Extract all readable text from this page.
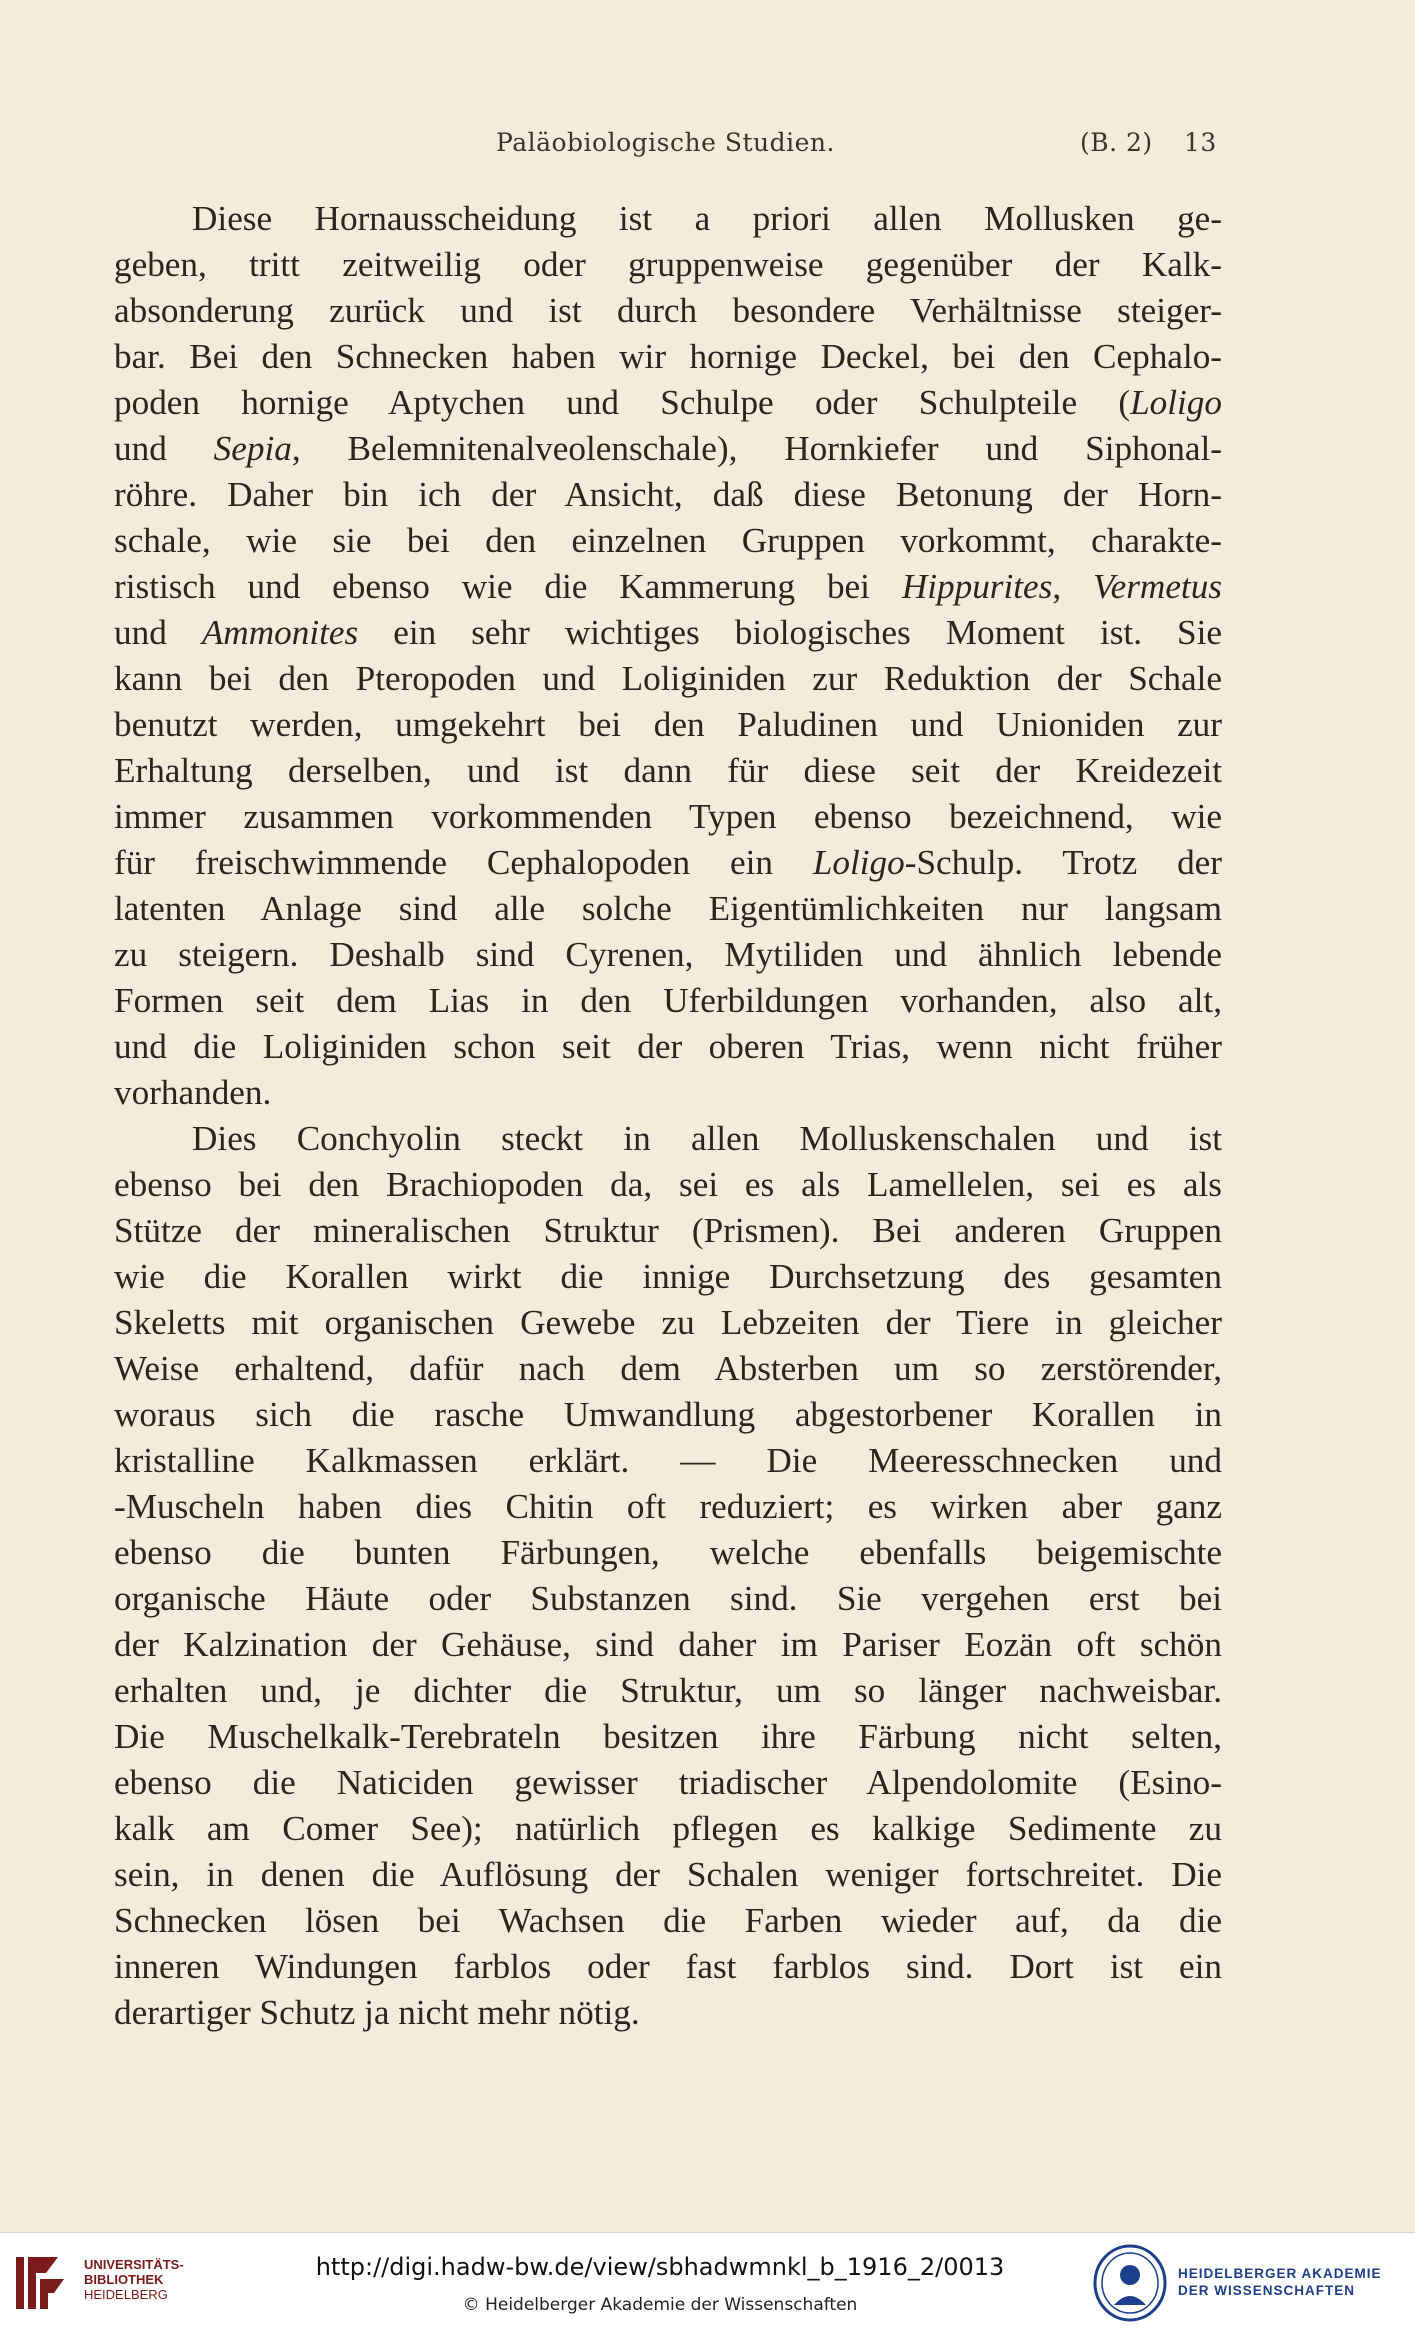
Paläobiologische Studien.	(B. 2) 13
Diese Hornausscheidung ist a priori allen Mollusken ge-
geben, tritt zeitweilig oder gruppenweise gegenüber der Kalk-
absonderung zurück und ist durch besondere Verhältnisse steiger-
bar. Bei den Schnecken haben wir hornige Deckel, bei den Cephalo-
poden hornige Aptychen und Schulpe oder Schulpteile (Loligo
und Sepia, Belemnitenalveolenschale), Hornkiefer und Siphonal-
röhre. Daher bin ich der Ansicht, daß diese Betonung der Horn-
schale, wie sie bei den einzelnen Gruppen vorkommt, charakte-
ristisch und ebenso wie die Kammerung bei Hippurites, Vermetus
und Ammonites ein sehr wichtiges biologisches Moment ist. Sie
kann bei den Pteropoden und Loliginiden zur Reduktion der Schale
benutzt werden, umgekehrt bei den Paludinen und Unioniden zur
Erhaltung derselben, und ist dann für diese seit der Kreidezeit
immer zusammen vorkommenden Typen ebenso bezeichnend, wie
für freischwimmende Cephalopoden ein Loligo-Schulp. Trotz der
latenten Anlage sind alle solche Eigentümlichkeiten nur langsam
zu steigern. Deshalb sind Cyrenen, Mytiliden und ähnlich lebende
Formen seit dem Lias in den Uferbildungen vorhanden, also alt,
und die Loliginiden schon seit der oberen Trias, wenn nicht früher
vorhanden.
Dies Conchyolin steckt in allen Molluskenschalen und ist
ebenso bei den Brachiopoden da, sei es als Lamellelen, sei es als
Stütze der mineralischen Struktur (Prismen). Bei anderen Gruppen
wie die Korallen wirkt die innige Durchsetzung des gesamten
Skeletts mit organischen Gewebe zu Lebzeiten der Tiere in gleicher
Weise erhaltend, dafür nach dem Absterben um so zerstörender,
woraus sich die rasche Umwandlung abgestorbener Korallen in
kristalline Kalkmassen erklärt. — Die Meeresschnecken und
-Muscheln haben dies Chitin oft reduziert; es wirken aber ganz
ebenso die bunten Färbungen, welche ebenfalls beigemischte
organische Häute oder Substanzen sind. Sie vergehen erst bei
der Kalzination der Gehäuse, sind daher im Pariser Eozän oft schön
erhalten und, je dichter die Struktur, um so länger nachweisbar.
Die Muschelkalk-Terebrateln besitzen ihre Färbung nicht selten,
ebenso die Naticiden gewisser triadischer Alpendolomite (Esino-
kalk am Comer See); natürlich pflegen es kalkige Sedimente zu
sein, in denen die Auflösung der Schalen weniger fortschreitet. Die
Schnecken lösen bei Wachsen die Farben wieder auf, da die
inneren Windungen farblos oder fast farblos sind. Dort ist ein
derartiger Schutz ja nicht mehr nötig.
UNIVERSITÄTS-
BIBLIOTHEK
HEIDELBERG
http://digi.hadw-bw.de/view/sbhadwmnkl_b_1916_2/0013
© Heidelberger Akademie der Wissenschaften
HEIDELBERGER AKADEMIE
DER WISSENSCHAFTEN
